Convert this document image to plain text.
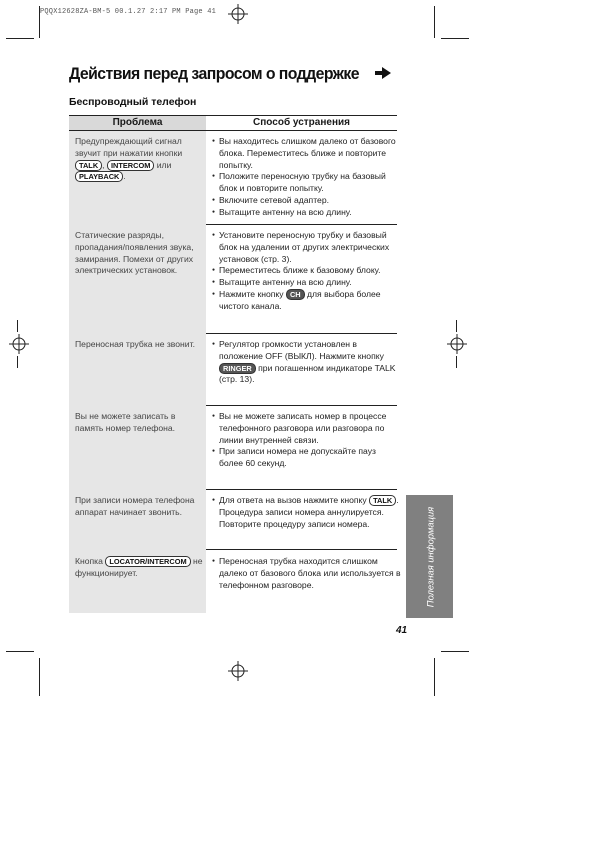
PQQX12628ZA-BM-5 00.1.27 2:17 PM Page 41
Действия перед запросом о поддержке
Беспроводный телефон
Проблема	Способ устранения
Предупреждающий сигнал звучит при нажатии кнопки TALK , INTERCOM или PLAYBACK .
● Вы находитесь слишком далеко от базового блока. Переместитесь ближе и повторите попытку.
● Положите переносную трубку на базовый блок и повторите попытку.
● Включите сетевой адаптер.
● Вытащите антенну на всю длину.
Статические разряды, пропадания/появления звука, замирания. Помехи от других электрических установок.
● Установите переносную трубку и базовый блок на удалении от других электрических установок (стр. 3).
● Переместитесь ближе к базовому блоку.
● Вытащите антенну на всю длину.
● Нажмите кнопку CH для выбора более чистого канала.
Переносная трубка не звонит.
●	Регулятор громкости установлен в положение OFF (ВЫКЛ). Нажмите кнопку RINGER при погашенном индикаторе TALK (стр. 13).
Вы не можете записать в память номер телефона.
● Вы не можете записать номер в процессе телефонного разговора или разговора по линии внутренней связи.
● При записи номера не допускайте пауз более 60 секунд.
При записи номера телефона аппарат начинает звонить.
● Для ответа на вызов нажмите кнопку TALK . Процедура записи номера аннулируется. Повторите процедуру записи номера.
Кнопка LOCATOR/INTERCOM не функционирует.
● Переносная трубка находится слишком далеко от базового блока или используется в телефонном разговоре.	Полезная информация
41
